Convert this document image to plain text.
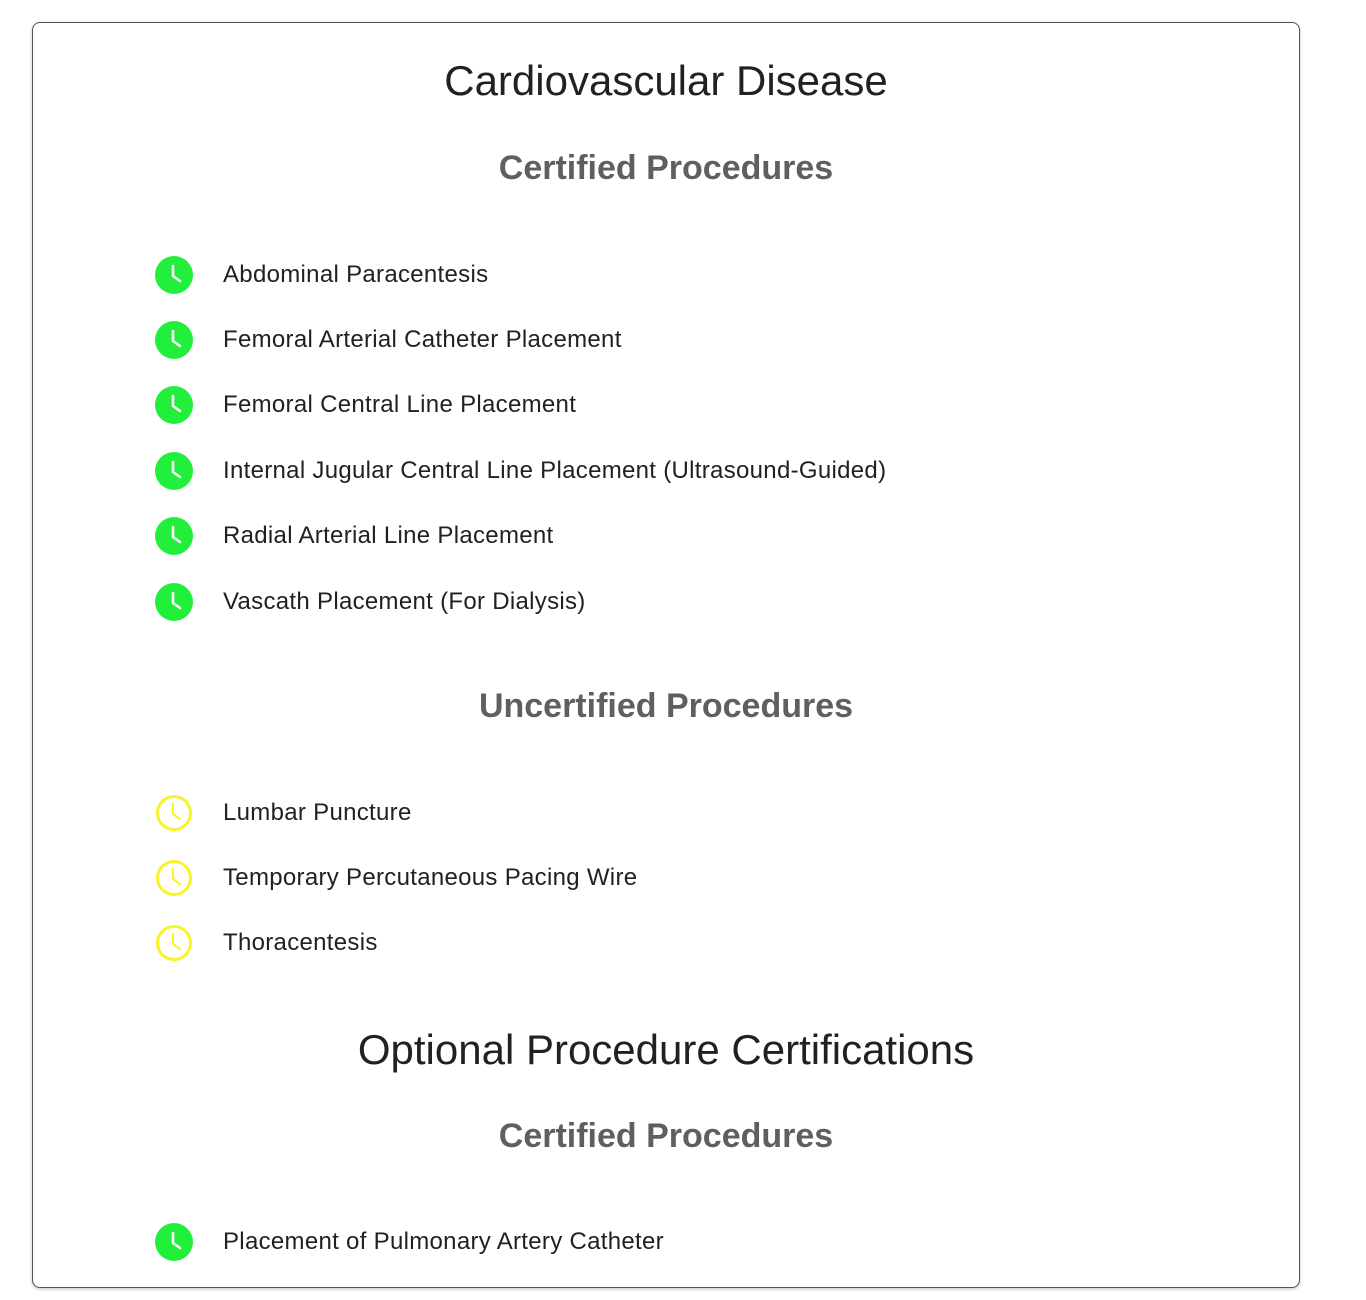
Cardiovascular Disease
Certified Procedures
Abdominal Paracentesis
Femoral Arterial Catheter Placement
Femoral Central Line Placement
Internal Jugular Central Line Placement (Ultrasound-Guided)
Radial Arterial Line Placement
Vascath Placement (For Dialysis)
Uncertified Procedures
Lumbar Puncture
Temporary Percutaneous Pacing Wire
Thoracentesis
Optional Procedure Certifications
Certified Procedures
Placement of Pulmonary Artery Catheter
